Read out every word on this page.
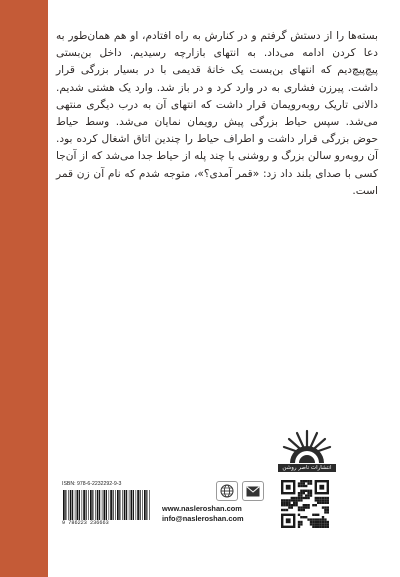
بسته‌ها را از دستش گرفتم و در کنارش به راه افتادم، او هم همان‌طور به دعا کردن ادامه می‌داد. به انتهای بازارچه رسیدیم. داخل بن‌بستی پیچ‌پیچ‌دیم که انتهای بن‌بست یک خانهٔ قدیمی با در بسیار بزرگی قرار داشت. پیرزن فشاری به در وارد کرد و در باز شد. وارد یک هشتی شدیم. دالانی تاریک روبه‌رویمان قرار داشت که انتهای آن به درب دیگری منتهی می‌شد. سپس حیاط بزرگی پیش رویمان نمایان می‌شد. وسط حیاط حوض بزرگی قرار داشت و اطراف حیاط را چندین اتاق اشغال کرده بود. آن روبه‌رو سالن بزرگ و روشنی با چند پله از حیاط جدا می‌شد که از آن‌جا کسی با صدای بلند داد زد: «قمر آمدی؟»، متوجه شدم که نام آن زن قمر است.

انتشارات ناصر روشن
www.nasleroshan.com
info@nasleroshan.com
ISBN: 978-6-2232292-9-3
9 786223 236663
